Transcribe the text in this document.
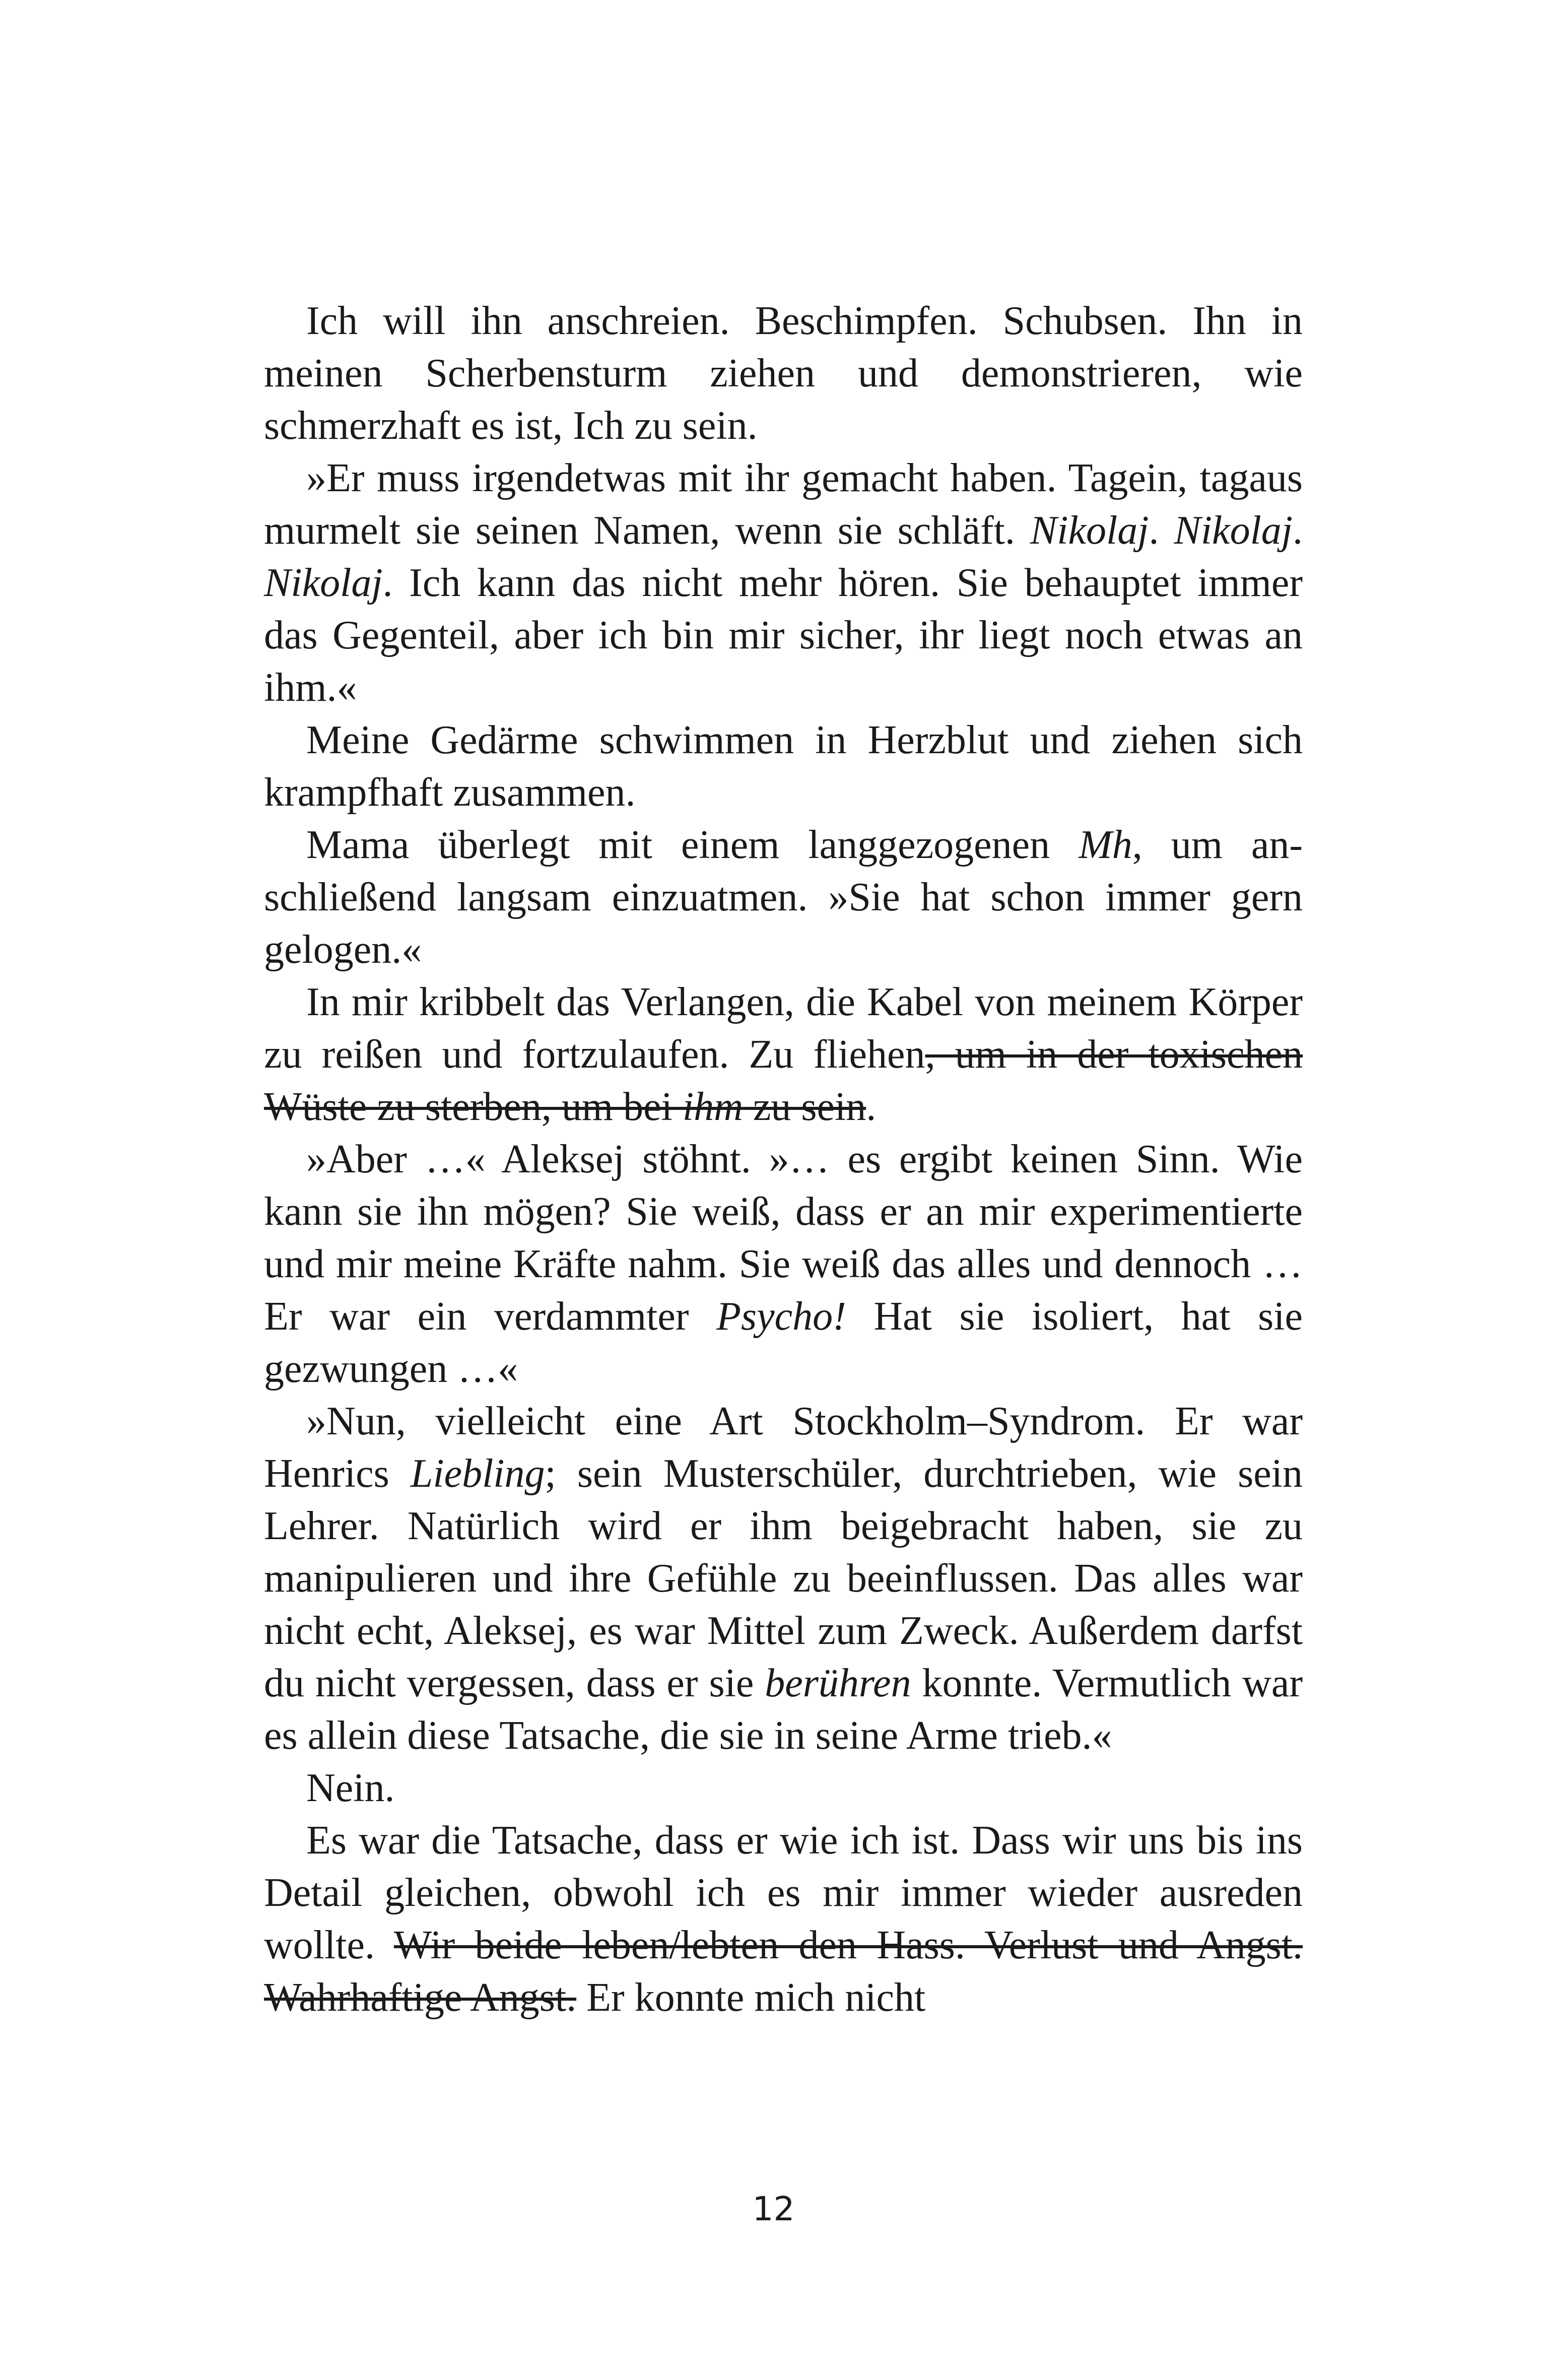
Ich will ihn anschreien. Beschimpfen. Schubsen. Ihn in meinen Scherbensturm ziehen und demonstrieren, wie schmerzhaft es ist, Ich zu sein.

»Er muss irgendetwas mit ihr gemacht haben. Tagein, tagaus murmelt sie seinen Namen, wenn sie schläft. Nikolaj. Nikolaj. Nikolaj. Ich kann das nicht mehr hören. Sie behauptet immer das Gegenteil, aber ich bin mir sicher, ihr liegt noch etwas an ihm.«

Meine Gedärme schwimmen in Herzblut und ziehen sich krampfhaft zusammen.

Mama überlegt mit einem langgezogenen Mh, um anschließend langsam einzuatmen. »Sie hat schon immer gern gelogen.«

In mir kribbelt das Verlangen, die Kabel von meinem Körper zu reißen und fortzulaufen. Zu fliehen, um in der toxischen Wüste zu sterben, um bei ihm zu sein.

»Aber …« Aleksej stöhnt. »… es ergibt keinen Sinn. Wie kann sie ihn mögen? Sie weiß, dass er an mir experimentierte und mir meine Kräfte nahm. Sie weiß das alles und dennoch … Er war ein verdammter Psycho! Hat sie isoliert, hat sie gezwungen …«

»Nun, vielleicht eine Art Stockholm–Syndrom. Er war Henrics Liebling; sein Musterschüler, durchtrieben, wie sein Lehrer. Natürlich wird er ihm beigebracht haben, sie zu manipulieren und ihre Gefühle zu beeinflussen. Das alles war nicht echt, Aleksej, es war Mittel zum Zweck. Außerdem darfst du nicht vergessen, dass er sie berühren konnte. Vermutlich war es allein diese Tatsache, die sie in seine Arme trieb.«

Nein.

Es war die Tatsache, dass er wie ich ist. Dass wir uns bis ins Detail gleichen, obwohl ich es mir immer wieder ausreden wollte. Wir beide leben/lebten den Hass. Verlust und Angst. Wahrhaftige Angst. Er konnte mich nicht

12
